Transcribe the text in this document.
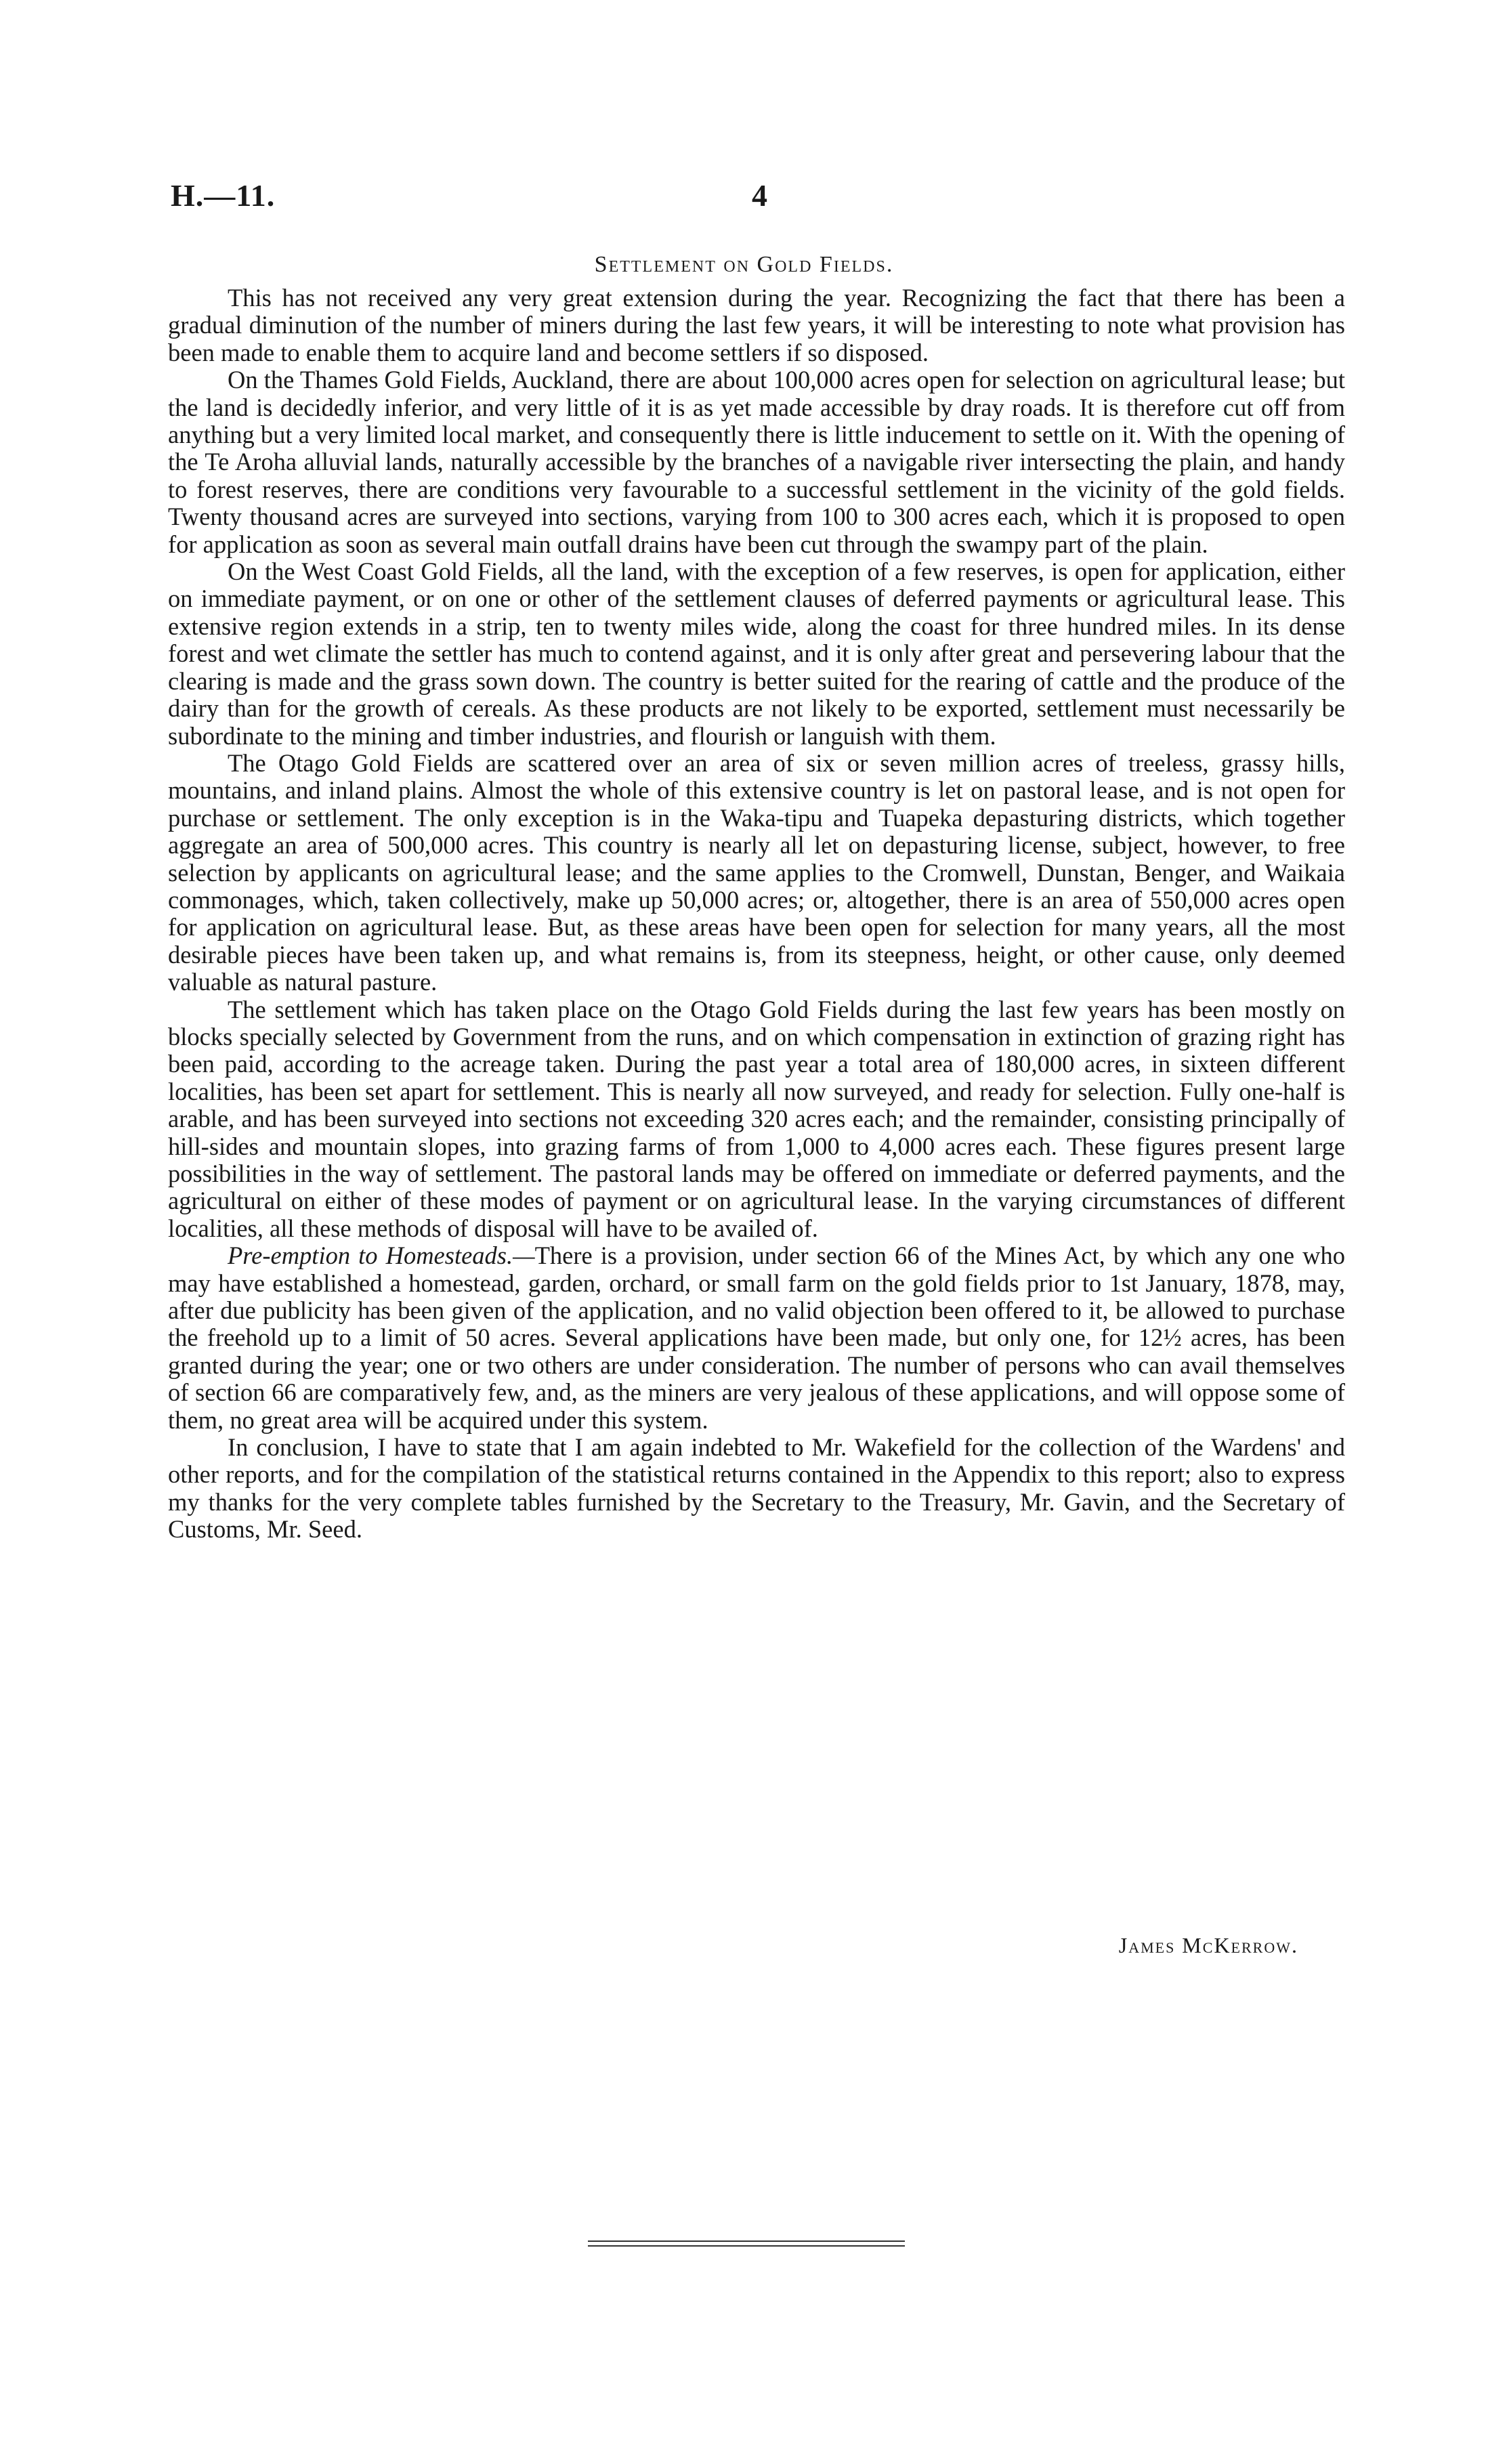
H.—11.	4
Settlement on Gold Fields.

This has not received any very great extension during the year. Recognizing the fact that there has been a gradual diminution of the number of miners during the last few years, it will be interesting to note what provision has been made to enable them to acquire land and become settlers if so disposed.

On the Thames Gold Fields, Auckland, there are about 100,000 acres open for selection on agricultural lease; but the land is decidedly inferior, and very little of it is as yet made accessible by dray roads. It is therefore cut off from anything but a very limited local market, and consequently there is little inducement to settle on it. With the opening of the Te Aroha alluvial lands, naturally accessible by the branches of a navigable river intersecting the plain, and handy to forest reserves, there are conditions very favourable to a successful settlement in the vicinity of the gold fields. Twenty thousand acres are surveyed into sections, varying from 100 to 300 acres each, which it is proposed to open for application as soon as several main outfall drains have been cut through the swampy part of the plain.

On the West Coast Gold Fields, all the land, with the exception of a few reserves, is open for application, either on immediate payment, or on one or other of the settlement clauses of deferred payments or agricultural lease. This extensive region extends in a strip, ten to twenty miles wide, along the coast for three hundred miles. In its dense forest and wet climate the settler has much to contend against, and it is only after great and persevering labour that the clearing is made and the grass sown down. The country is better suited for the rearing of cattle and the produce of the dairy than for the growth of cereals. As these products are not likely to be exported, settlement must necessarily be subordinate to the mining and timber industries, and flourish or languish with them.

The Otago Gold Fields are scattered over an area of six or seven million acres of treeless, grassy hills, mountains, and inland plains. Almost the whole of this extensive country is let on pastoral lease, and is not open for purchase or settlement. The only exception is in the Waka-tipu and Tuapeka depasturing districts, which together aggregate an area of 500,000 acres. This country is nearly all let on depasturing license, subject, however, to free selection by applicants on agricultural lease; and the same applies to the Cromwell, Dunstan, Benger, and Waikaia commonages, which, taken collectively, make up 50,000 acres; or, altogether, there is an area of 550,000 acres open for application on agricultural lease. But, as these areas have been open for selection for many years, all the most desirable pieces have been taken up, and what remains is, from its steepness, height, or other cause, only deemed valuable as natural pasture.

The settlement which has taken place on the Otago Gold Fields during the last few years has been mostly on blocks specially selected by Government from the runs, and on which compensation in extinction of grazing right has been paid, according to the acreage taken. During the past year a total area of 180,000 acres, in sixteen different localities, has been set apart for settlement. This is nearly all now surveyed, and ready for selection. Fully one-half is arable, and has been surveyed into sections not exceeding 320 acres each; and the remainder, consisting principally of hill-sides and mountain slopes, into grazing farms of from 1,000 to 4,000 acres each. These figures present large possibilities in the way of settlement. The pastoral lands may be offered on immediate or deferred payments, and the agricultural on either of these modes of payment or on agricultural lease. In the varying circumstances of different localities, all these methods of disposal will have to be availed of.

Pre-emption to Homesteads.—There is a provision, under section 66 of the Mines Act, by which any one who may have established a homestead, garden, orchard, or small farm on the gold fields prior to 1st January, 1878, may, after due publicity has been given of the application, and no valid objection been offered to it, be allowed to purchase the freehold up to a limit of 50 acres. Several applications have been made, but only one, for 12½ acres, has been granted during the year; one or two others are under consideration. The number of persons who can avail themselves of section 66 are comparatively few, and, as the miners are very jealous of these applications, and will oppose some of them, no great area will be acquired under this system.

In conclusion, I have to state that I am again indebted to Mr. Wakefield for the collection of the Wardens' and other reports, and for the compilation of the statistical returns contained in the Appendix to this report; also to express my thanks for the very complete tables furnished by the Secretary to the Treasury, Mr. Gavin, and the Secretary of Customs, Mr. Seed.

James McKerrow.
